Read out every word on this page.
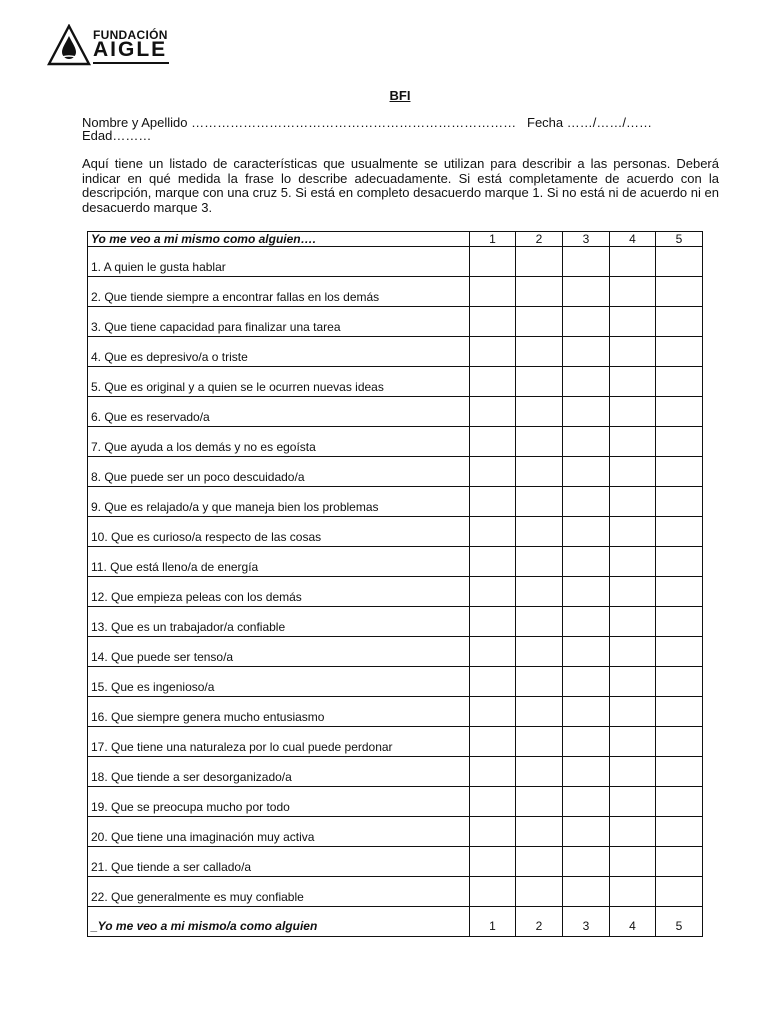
FUNDACIÓN
AIGLE
BFI
Nombre y Apellido ………………………………………………………………… Fecha ……/……/……
Edad………
Aquí tiene un listado de características que usualmente se utilizan para describir a las personas. Deberá indicar en qué medida la frase lo describe adecuadamente. Si está completamente de acuerdo con la descripción, marque con una cruz 5. Si está en completo desacuerdo marque 1. Si no está ni de acuerdo ni en desacuerdo marque 3.
Yo me veo a mi mismo como alguien….	1	2	3	4	5

1. A quien le gusta hablar					

2. Que tiende siempre a encontrar fallas en los demás					

3. Que tiene capacidad para finalizar una tarea					

4. Que es depresivo/a o triste					

5. Que es original y a quien se le ocurren nuevas ideas					

6. Que es reservado/a					

7. Que ayuda a los demás y no es egoísta					

8. Que puede ser un poco descuidado/a					

9. Que es relajado/a y que maneja bien los problemas					

10. Que es curioso/a respecto de las cosas					

11. Que está lleno/a de energía					

12. Que empieza peleas con los demás					

13. Que es un trabajador/a confiable					

14. Que puede ser tenso/a					

15. Que es ingenioso/a					

16. Que siempre genera mucho entusiasmo					

17. Que tiene una naturaleza por lo cual puede perdonar					

18. Que tiende a ser desorganizado/a					

19. Que se preocupa mucho por todo					

20. Que tiene una imaginación muy activa					

21. Que tiende a ser callado/a					

22. Que generalmente es muy confiable					

_Yo me veo a mi mismo/a como alguien	1	2	3	4	5
